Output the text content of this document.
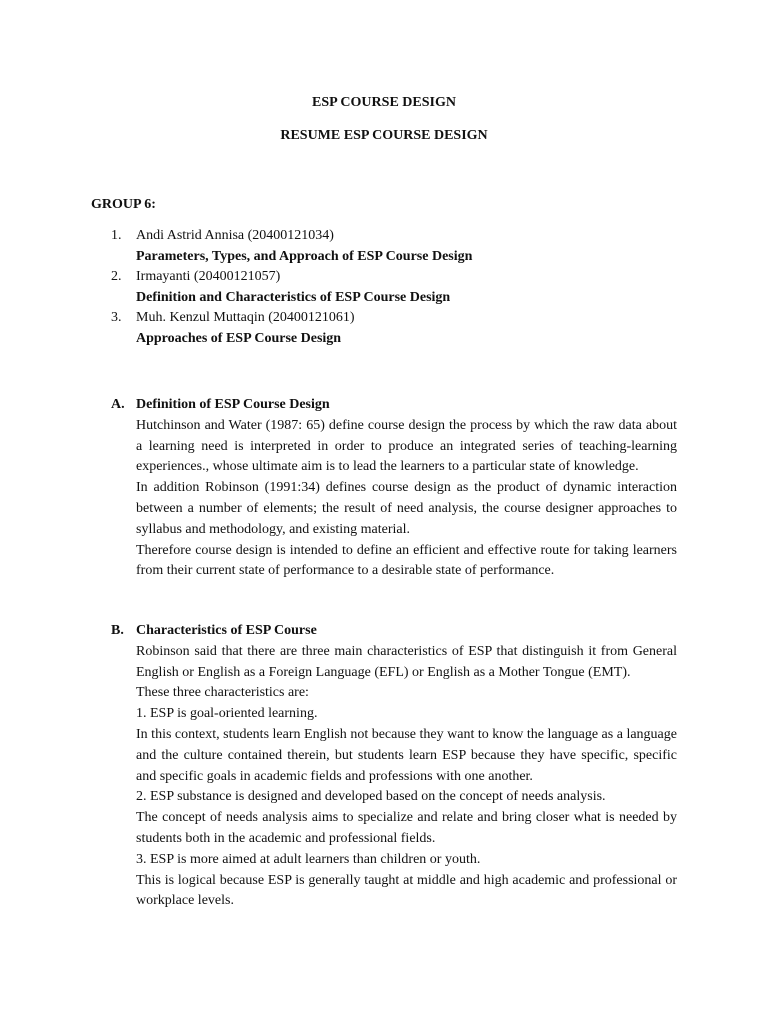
ESP COURSE DESIGN
RESUME ESP COURSE DESIGN
GROUP 6:
1. Andi Astrid Annisa (20400121034)
Parameters, Types, and Approach of ESP Course Design
2. Irmayanti (20400121057)
Definition and Characteristics of ESP Course Design
3. Muh. Kenzul Muttaqin (20400121061)
Approaches of ESP Course Design
A. Definition of ESP Course Design

Hutchinson and Water (1987: 65) define course design the process by which the raw data about a learning need is interpreted in order to produce an integrated series of teaching-learning experiences., whose ultimate aim is to lead the learners to a particular state of knowledge.

In addition Robinson (1991:34) defines course design as the product of dynamic interaction between a number of elements; the result of need analysis, the course designer approaches to syllabus and methodology, and existing material.

Therefore course design is intended to define an efficient and effective route for taking learners from their current state of performance to a desirable state of performance.

B. Characteristics of ESP Course

Robinson said that there are three main characteristics of ESP that distinguish it from General English or English as a Foreign Language (EFL) or English as a Mother Tongue (EMT).

These three characteristics are:

1. ESP is goal-oriented learning.

In this context, students learn English not because they want to know the language as a language and the culture contained therein, but students learn ESP because they have specific, specific and specific goals in academic fields and professions with one another.

2. ESP substance is designed and developed based on the concept of needs analysis.

The concept of needs analysis aims to specialize and relate and bring closer what is needed by students both in the academic and professional fields.

3. ESP is more aimed at adult learners than children or youth.

This is logical because ESP is generally taught at middle and high academic and professional or workplace levels.
